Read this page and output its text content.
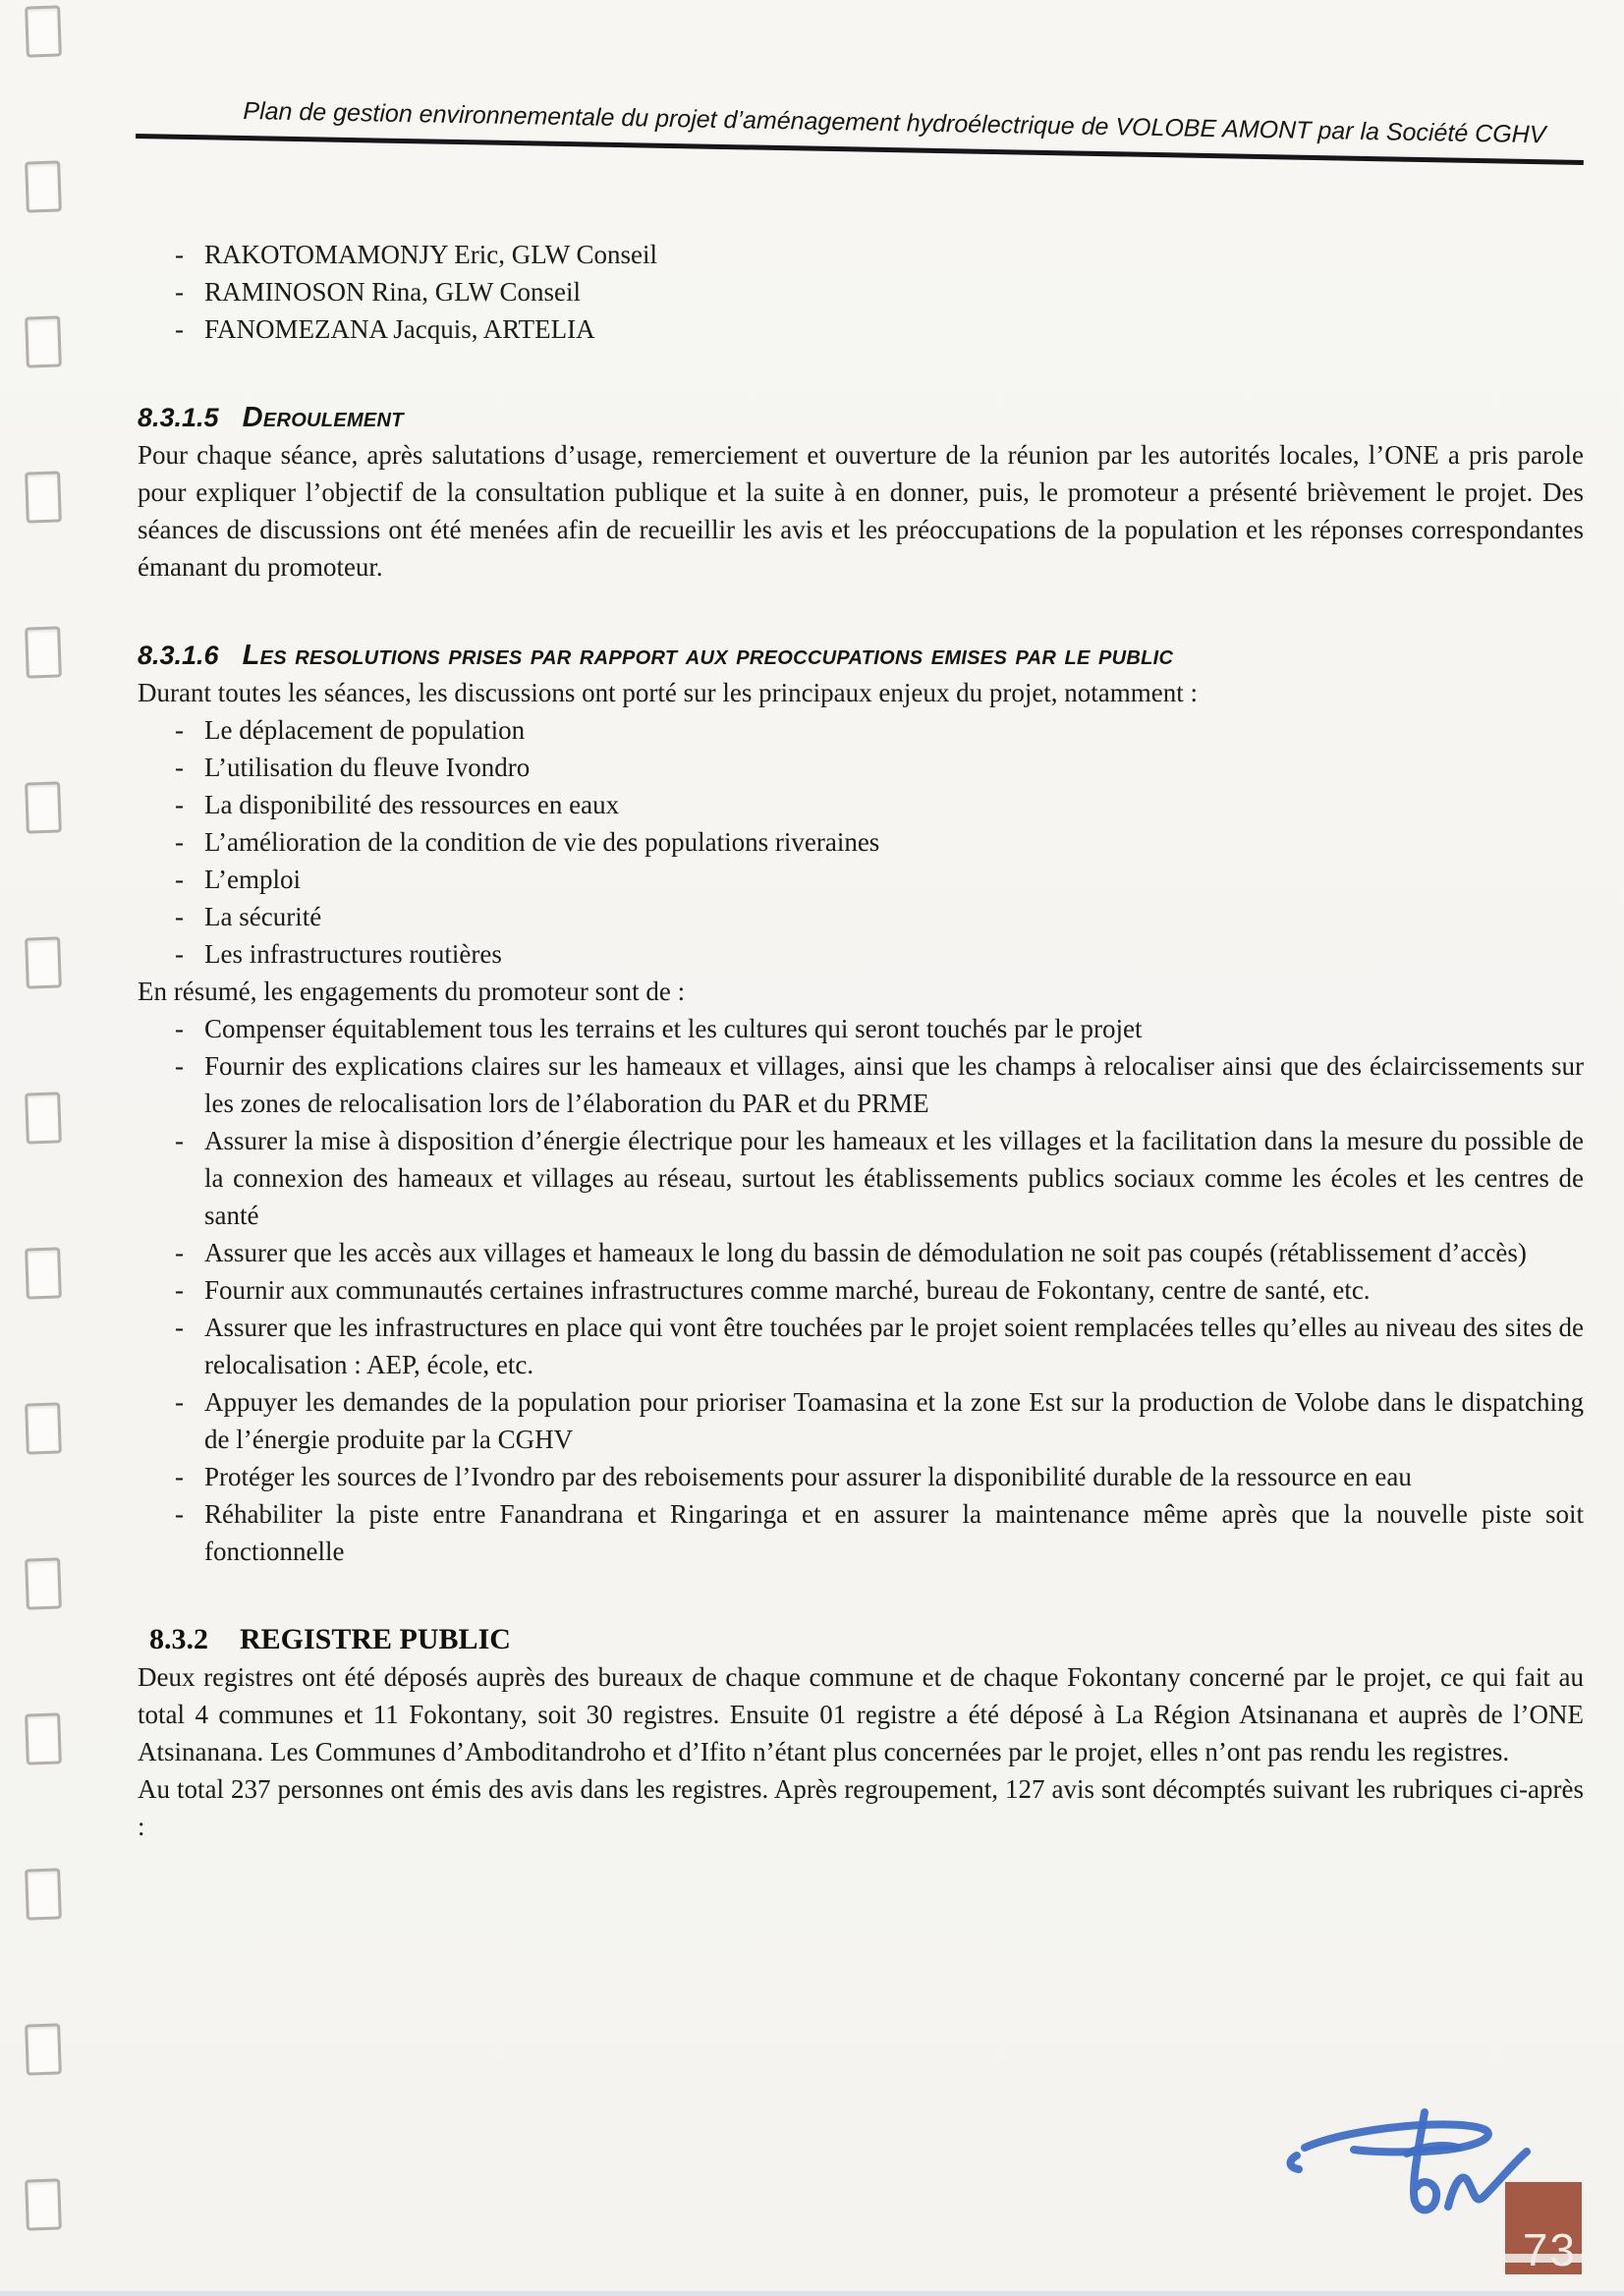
Plan de gestion environnementale du projet d’aménagement hydroélectrique de VOLOBE AMONT par la Société CGHV
- RAKOTOMAMONJY Eric, GLW Conseil
- RAMINOSON Rina, GLW Conseil
- FANOMEZANA Jacquis, ARTELIA
8.3.1.5 Deroulement

Pour chaque séance, après salutations d’usage, remerciement et ouverture de la réunion par les autorités locales, l’ONE a pris parole pour expliquer l’objectif de la consultation publique et la suite à en donner, puis, le promoteur a présenté brièvement le projet. Des séances de discussions ont été menées afin de recueillir les avis et les préoccupations de la population et les réponses correspondantes émanant du promoteur.

8.3.1.6 Les resolutions prises par rapport aux preoccupations emises par le public

Durant toutes les séances, les discussions ont porté sur les principaux enjeux du projet, notamment :

- Le déplacement de population
- L’utilisation du fleuve Ivondro
- La disponibilité des ressources en eaux
- L’amélioration de la condition de vie des populations riveraines
- L’emploi
- La sécurité
- Les infrastructures routières

En résumé, les engagements du promoteur sont de :

- Compenser équitablement tous les terrains et les cultures qui seront touchés par le projet
- Fournir des explications claires sur les hameaux et villages, ainsi que les champs à relocaliser ainsi que des éclaircissements sur les zones de relocalisation lors de l’élaboration du PAR et du PRME
- Assurer la mise à disposition d’énergie électrique pour les hameaux et les villages et la facilitation dans la mesure du possible de la connexion des hameaux et villages au réseau, surtout les établissements publics sociaux comme les écoles et les centres de santé
- Assurer que les accès aux villages et hameaux le long du bassin de démodulation ne soit pas coupés (rétablissement d’accès)
- Fournir aux communautés certaines infrastructures comme marché, bureau de Fokontany, centre de santé, etc.
- Assurer que les infrastructures en place qui vont être touchées par le projet soient remplacées telles qu’elles au niveau des sites de relocalisation : AEP, école, etc.
- Appuyer les demandes de la population pour prioriser Toamasina et la zone Est sur la production de Volobe dans le dispatching de l’énergie produite par la CGHV
- Protéger les sources de l’Ivondro par des reboisements pour assurer la disponibilité durable de la ressource en eau
- Réhabiliter la piste entre Fanandrana et Ringaringa et en assurer la maintenance même après que la nouvelle piste soit fonctionnelle
8.3.2 REGISTRE PUBLIC

Deux registres ont été déposés auprès des bureaux de chaque commune et de chaque Fokontany concerné par le projet, ce qui fait au total 4 communes et 11 Fokontany, soit 30 registres. Ensuite 01 registre a été déposé à La Région Atsinanana et auprès de l’ONE Atsinanana. Les Communes d’Amboditandroho et d’Ifito n’étant plus concernées par le projet, elles n’ont pas rendu les registres.

Au total 237 personnes ont émis des avis dans les registres. Après regroupement, 127 avis sont décomptés suivant les rubriques ci-après :

73
